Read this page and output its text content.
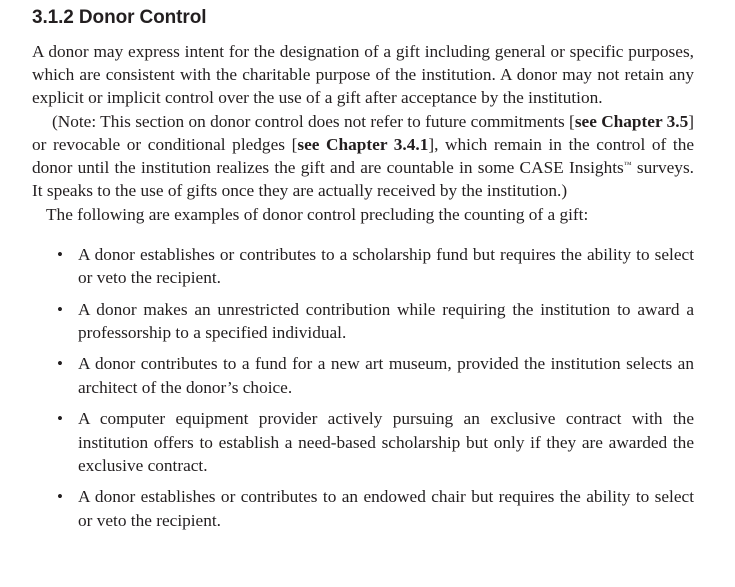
3.1.2 Donor Control

A donor may express intent for the designation of a gift including general or specific purposes, which are consistent with the charitable purpose of the institution. A donor may not retain any explicit or implicit control over the use of a gift after acceptance by the institution.

(Note: This section on donor control does not refer to future commitments [see Chapter 3.5] or revocable or conditional pledges [see Chapter 3.4.1], which remain in the control of the donor until the institution realizes the gift and are countable in some CASE Insights™ surveys. It speaks to the use of gifts once they are actually received by the institution.)

The following are examples of donor control precluding the counting of a gift:

• A donor establishes or contributes to a scholarship fund but requires the ability to select or veto the recipient.
• A donor makes an unrestricted contribution while requiring the institution to award a professorship to a specified individual.
• A donor contributes to a fund for a new art museum, provided the institution selects an architect of the donor’s choice.
• A computer equipment provider actively pursuing an exclusive contract with the institution offers to establish a need-based scholarship but only if they are awarded the exclusive contract.
• A donor establishes or contributes to an endowed chair but requires the ability to select or veto the recipient.
